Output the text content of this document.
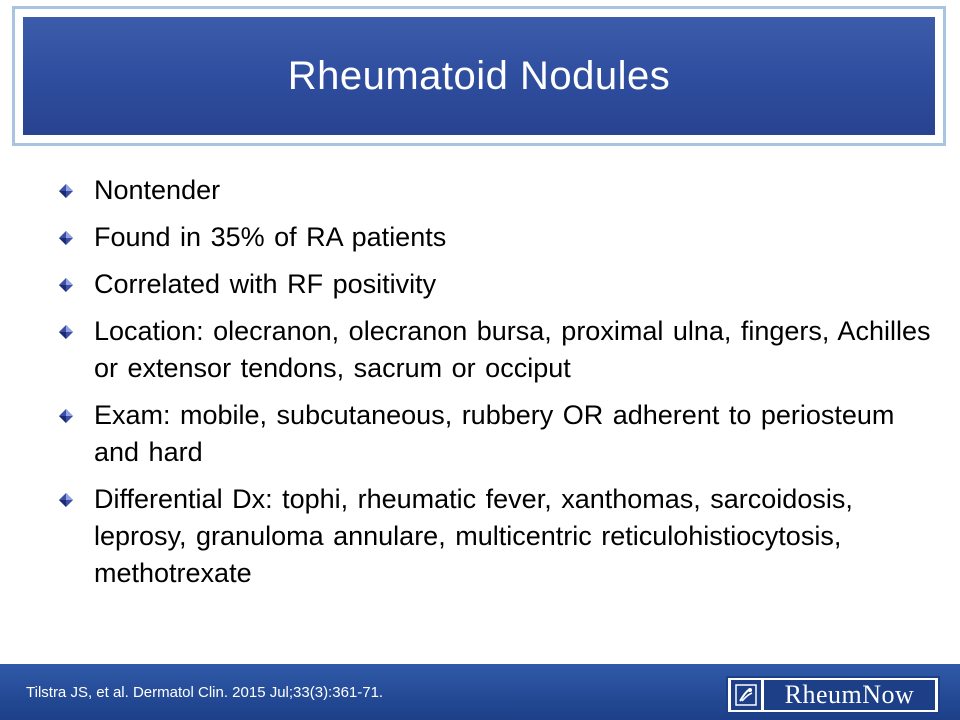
Rheumatoid Nodules
Nontender
Found in 35% of RA patients
Correlated with RF positivity
Location: olecranon, olecranon bursa, proximal ulna, fingers, Achilles or extensor tendons, sacrum or occiput
Exam: mobile, subcutaneous, rubbery OR adherent to periosteum and hard
Differential Dx: tophi, rheumatic fever, xanthomas, sarcoidosis, leprosy, granuloma annulare, multicentric reticulohistiocytosis, methotrexate
Tilstra JS, et al. Dermatol Clin. 2015 Jul;33(3):361-71.	RheumNow
